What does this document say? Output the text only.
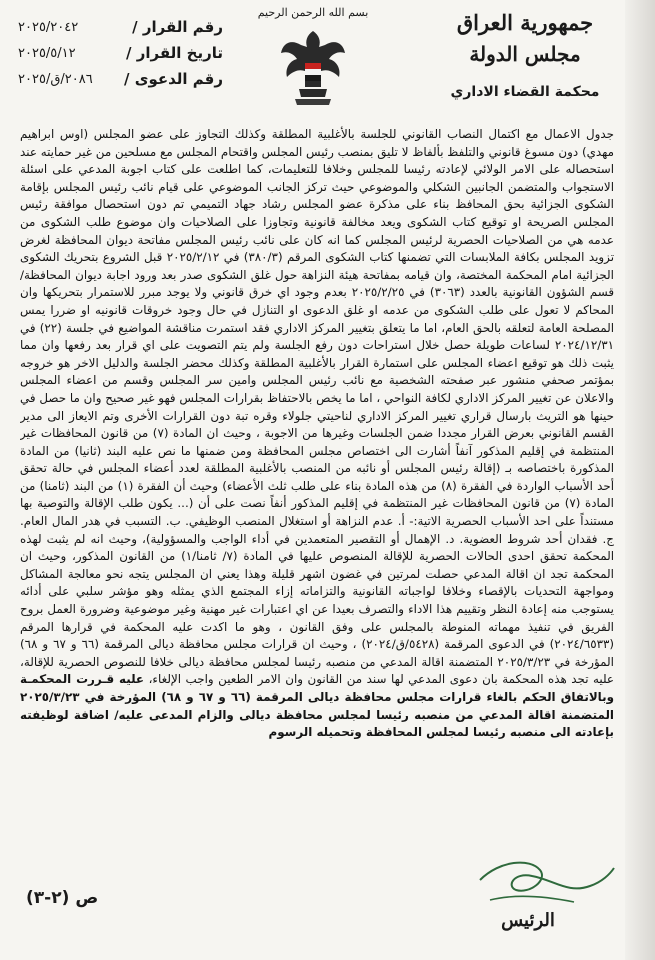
رقم القرار /
٢٠٢٥/٢٠٤٢
تاريخ القرار /
٢٠٢٥/٥/١٢
رقم الدعوى /
٢٠٨٦/ق/٢٠٢٥
بسم الله الرحمن الرحيم	جمهورية العراق
مجلس الدولة
محكمة القضاء الاداري

جدول الاعمال مع اكتمال النصاب القانوني للجلسة بالأغلبية المطلقة وكذلك التجاوز على عضو المجلس (اوس ابراهيم مهدي) دون مسوغ قانوني والتلفظ بألفاظ لا تليق بمنصب رئيس المجلس واقتحام المجلس مع مسلحين من غير حمايته عند استحصاله على الامر الولائي لإعادته رئيسا للمجلس وخلافا للتعليمات، كما اطلعت على كتاب اجوبة المدعي على اسئلة الاستجواب والمتضمن الجانبين الشكلي والموضوعي حيث تركز الجانب الموضوعي على قيام نائب رئيس المجلس بإقامة الشكوى الجزائية بحق المحافظ بناء على مذكرة عضو المجلس رشاد جهاد التميمي تم دون استحصال موافقة رئيس المجلس الصريحة او توقيع كتاب الشكوى ويعد مخالفة قانونية وتجاوزا على الصلاحيات وان موضوع طلب الشكوى من عدمه هي من الصلاحيات الحصرية لرئيس المجلس كما انه كان على نائب رئيس المجلس مفاتحة ديوان المحافظة لغرض تزويد المجلس بكافة الملابسات التي تضمنها كتاب الشكوى المرقم (٣٨٠/٣) في ٢٠٢٥/٢/١٢ قبل الشروع بتحريك الشكوى الجزائية امام المحكمة المختصة، وان قيامه بمفاتحة هيئة النزاهة حول غلق الشكوى صدر بعد ورود اجابة ديوان المحافظة/ قسم الشؤون القانونية بالعدد (٣٠٦٣) في ٢٠٢٥/٢/٢٥ بعدم وجود اي خرق قانوني ولا يوجد مبرر للاستمرار بتحريكها وان المحاكم لا تعول على طلب الشكوى من عدمه او غلق الدعوى او التنازل في حال وجود خروقات قانونيه او ضررا يمس المصلحة العامة لتعلقه بالحق العام، اما ما يتعلق بتغيير المركز الاداري فقد استمرت مناقشة المواضيع في جلسة (٢٢) في ٢٠٢٤/١٢/٣١ لساعات طويلة حصل خلال استراحات دون رفع الجلسة ولم يتم التصويت على اي قرار بعد رفعها وان مما يثبت ذلك هو توقيع اعضاء المجلس على استمارة القرار بالأغلبية المطلقة وكذلك محضر الجلسة والدليل الاخر هو خروجه بمؤتمر صحفي منشور عبر صفحته الشخصية مع نائب رئيس المجلس وامين سر المجلس وقسم من اعضاء المجلس والاعلان عن تغيير المركز الاداري لكافة النواحي ، اما ما يخص بالاحتفاظ بقرارات المجلس فهو غير صحيح وان ما حصل في حينها هو التريث بارسال قراري تغيير المركز الاداري لناحيتي جلولاء وقره تبة دون القرارات الأخرى وتم الايعاز الى مدير القسم القانوني بعرض القرار مجددا ضمن الجلسات وغيرها من الاجوبة ، وحيث ان المادة (٧) من قانون المحافظات غير المنتظمة في إقليم المذكور آنفاً أشارت الى اختصاص مجلس المحافظة ومن ضمنها ما نص عليه البند (ثانيا) من المادة المذكورة باختصاصه بـ (إقالة رئيس المجلس أو نائبه من المنصب بالأغلبية المطلقة لعدد أعضاء المجلس في حالة تحقق أحد الأسباب الواردة في الفقرة (٨) من هذه المادة بناء على طلب ثلث الأعضاء) وحيث أن الفقرة (١) من البند (ثامنا) من المادة (٧) من قانون المحافظات غير المنتظمة في إقليم المذكور أنفاً نصت على أن (... يكون طلب الإقالة والتوصية بها مستنداً على احد الأسباب الحصرية الاتية:- أ. عدم النزاهة أو استغلال المنصب الوظيفي. ب. التسبب في هدر المال العام. ج. فقدان أحد شروط العضوية. د. الإهمال أو التقصير المتعمدين في أداء الواجب والمسؤولية)، وحيث انه لم يثبت لهذه المحكمة تحقق احدى الحالات الحصرية للإقالة المنصوص عليها في المادة (٧/ ثامنا/١) من القانون المذكور، وحيث ان المحكمة تجد ان اقالة المدعي حصلت لمرتين في غضون اشهر قليلة وهذا يعني ان المجلس يتجه نحو معالجة المشاكل ومواجهة التحديات بالإقصاء وخلافا لواجباته القانونية والتزاماته إزاء المجتمع الذي يمثله وهو مؤشر سلبي على أدائه يستوجب منه إعادة النظر وتقييم هذا الاداء والتصرف بعيدا عن اي اعتبارات غير مهنية وغير موضوعية وضرورة العمل بروح الفريق في تنفيذ مهماته المنوطة بالمجلس على وفق القانون ، وهو ما اكدت عليه المحكمة في قرارها المرقم (٢٠٢٤/٦٥٣٣) في الدعوى المرقمة (٥٤٢٨/ق/٢٠٢٤) ، وحيث ان قرارات مجلس محافظة ديالى المرقمة (٦٦ و ٦٧ و ٦٨) المؤرخة في ٢٠٢٥/٣/٢٣ المتضمنة اقالة المدعي من منصبه رئيسا لمجلس محافظة ديالى خلافا للنصوص الحصرية للإقالة، عليه تجد هذه المحكمة بان دعوى المدعي لها سند من القانون وان الامر الطعين واجب الإلغاء، عليه قـررت المحكمـة وبالاتفاق الحكم بالغاء قرارات مجلس محافظة ديالى المرقمة (٦٦ و ٦٧ و ٦٨) المؤرخة في ٢٠٢٥/٣/٢٣ المتضمنة اقالة المدعي من منصبه رئيسا لمجلس محافظة ديالى والزام المدعى عليه/ اضافة لوظيفته بإعادته الى منصبه رئيسا لمجلس المحافظة وتحميله الرسوم

ص (٢-٣)
الرئيس
